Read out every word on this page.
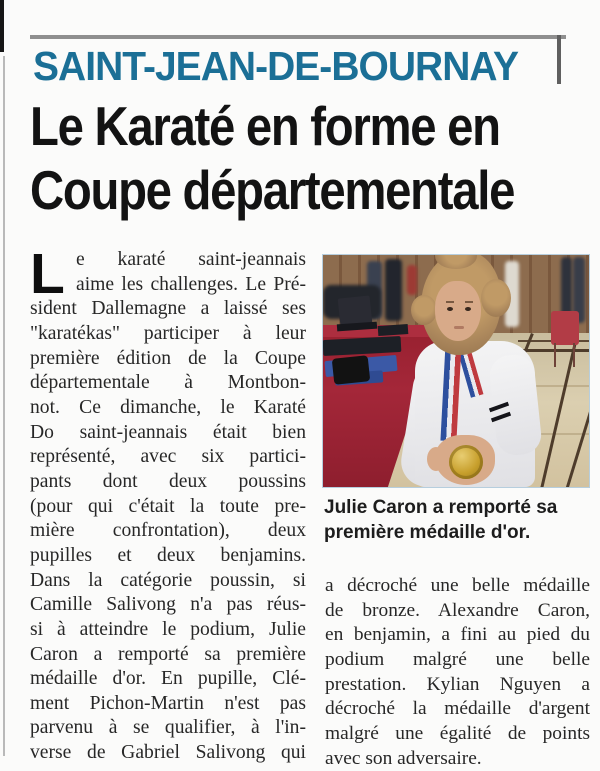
SAINT-JEAN-DE-BOURNAY
Le Karaté en forme en
Coupe départementale
L e karaté saint-jeannais
aime les challenges. Le Pré-
sident Dallemagne a laissé ses
"karatékas" participer à leur
première édition de la Coupe
départementale à Montbon-
not. Ce dimanche, le Karaté
Do saint-jeannais était bien
représenté, avec six partici-
pants dont deux poussins
(pour qui c'était la toute pre-
mière confrontation), deux
pupilles et deux benjamins.
Dans la catégorie poussin, si
Camille Salivong n'a pas réus-
si à atteindre le podium, Julie
Caron a remporté sa première
médaille d'or. En pupille, Clé-
ment Pichon-Martin n'est pas
parvenu à se qualifier, à l'in-
verse de Gabriel Salivong qui
Julie Caron a remporté sa
première médaille d'or.
a décroché une belle médaille
de bronze. Alexandre Caron,
en benjamin, a fini au pied du
podium malgré une belle
prestation. Kylian Nguyen a
décroché la médaille d'argent
malgré une égalité de points
avec son adversaire.
